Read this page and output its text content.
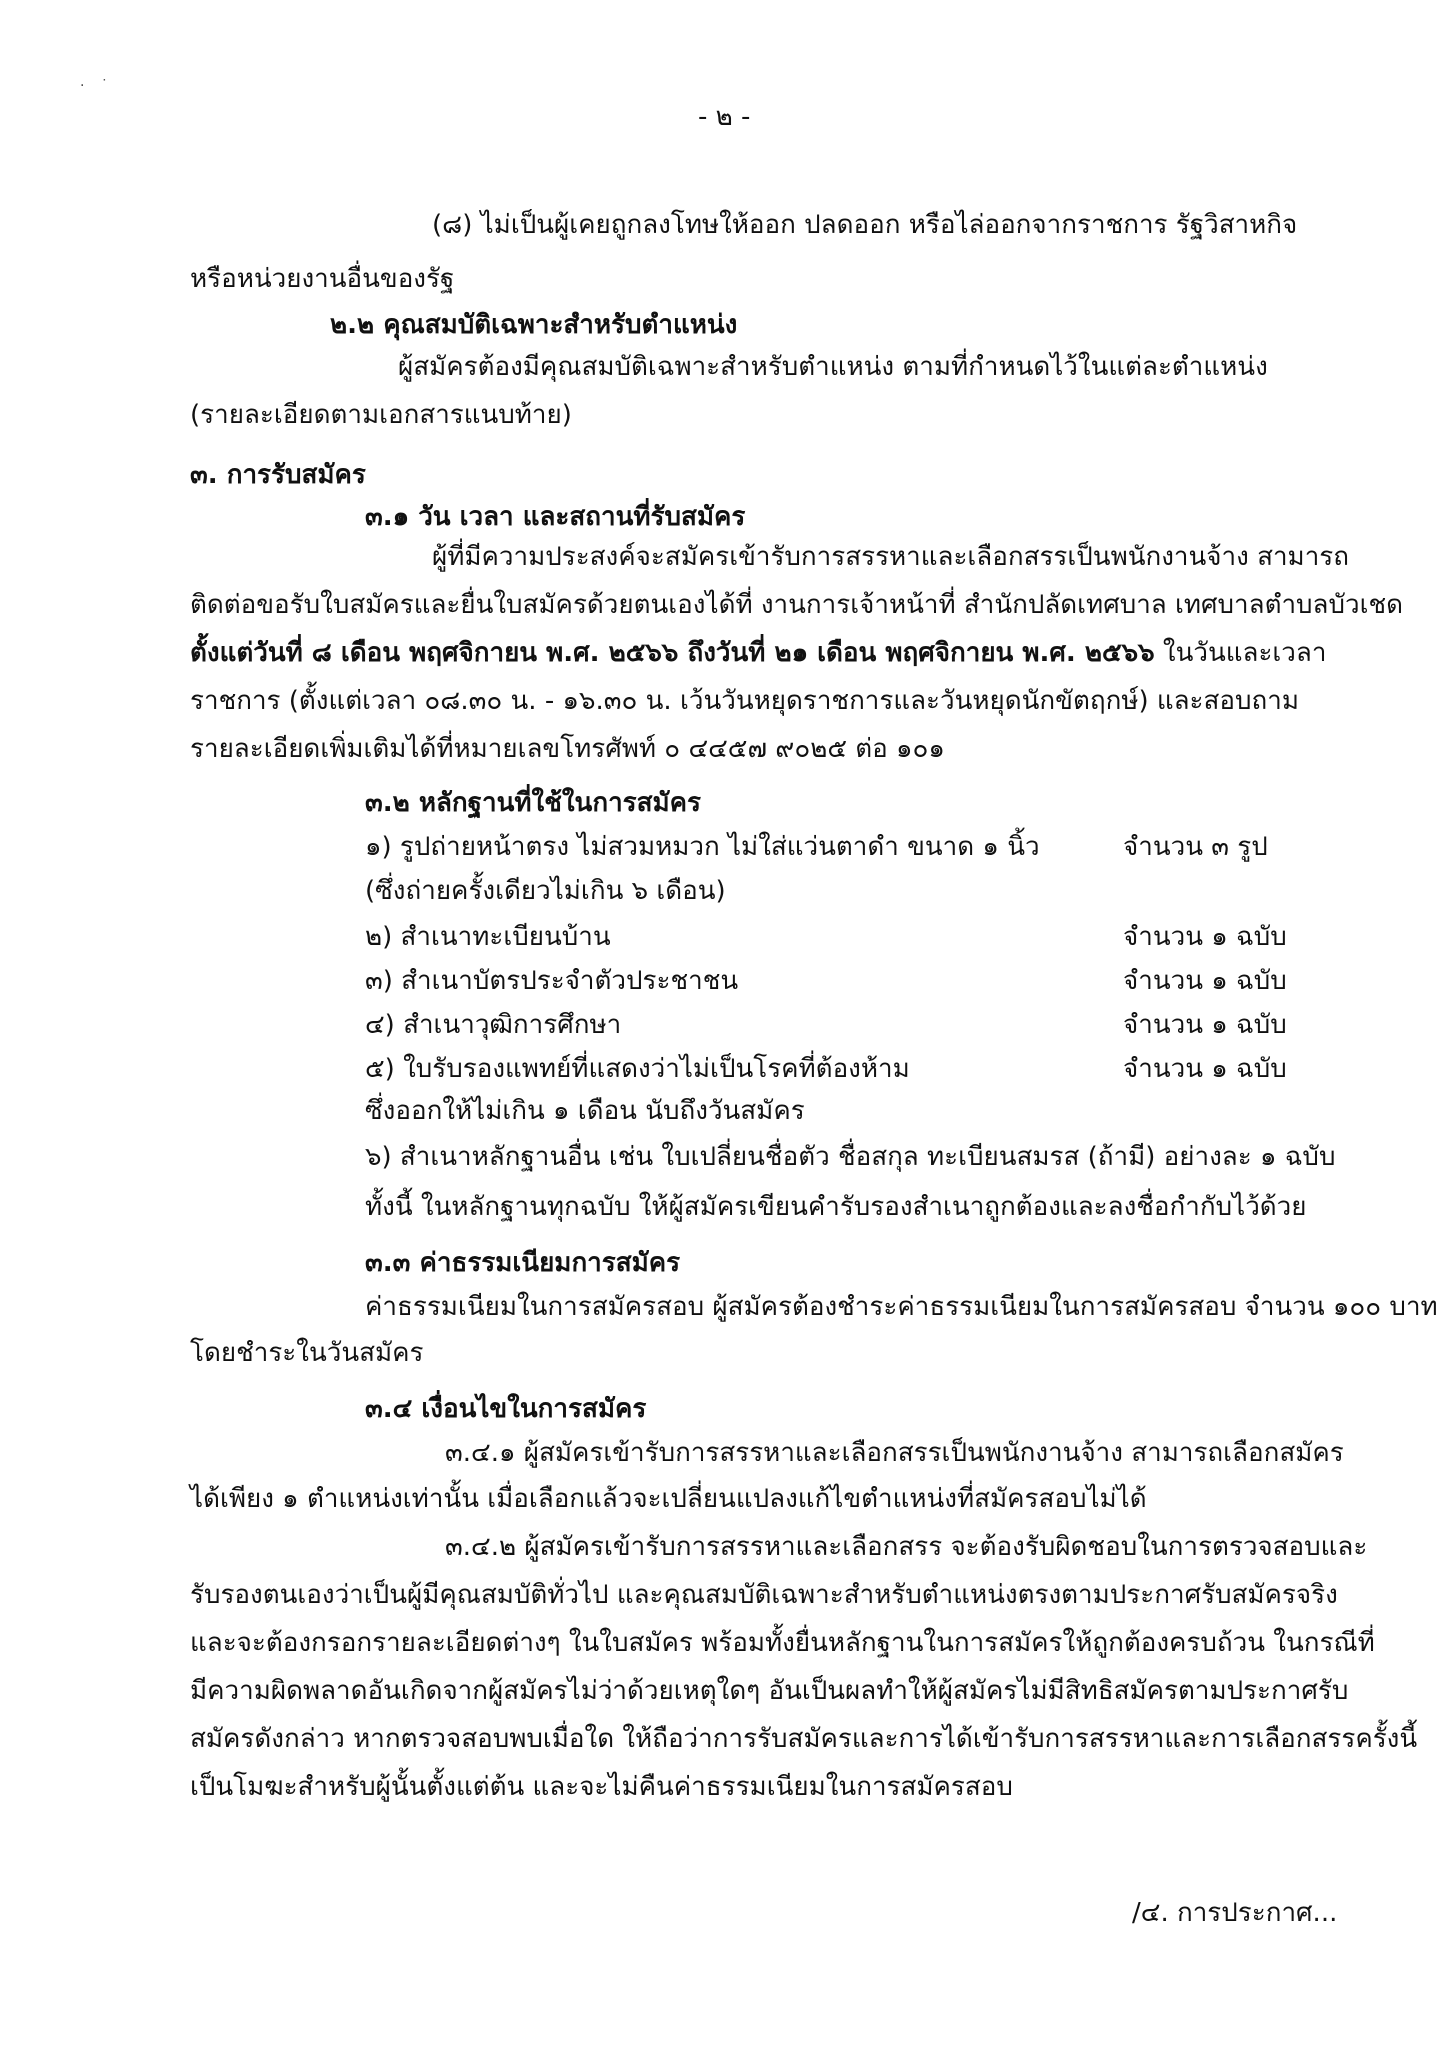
· ˙
- ๒ -
(๘) ไม่เป็นผู้เคยถูกลงโทษให้ออก ปลดออก หรือไล่ออกจากราชการ รัฐวิสาหกิจ
หรือหน่วยงานอื่นของรัฐ
๒.๒ คุณสมบัติเฉพาะสำหรับตำแหน่ง
ผู้สมัครต้องมีคุณสมบัติเฉพาะสำหรับตำแหน่ง ตามที่กำหนดไว้ในแต่ละตำแหน่ง
(รายละเอียดตามเอกสารแนบท้าย)
๓. การรับสมัคร
๓.๑ วัน เวลา และสถานที่รับสมัคร
ผู้ที่มีความประสงค์จะสมัครเข้ารับการสรรหาและเลือกสรรเป็นพนักงานจ้าง สามารถ
ติดต่อขอรับใบสมัครและยื่นใบสมัครด้วยตนเองได้ที่ งานการเจ้าหน้าที่ สำนักปลัดเทศบาล เทศบาลตำบลบัวเชด
ตั้งแต่วันที่ ๘ เดือน พฤศจิกายน พ.ศ. ๒๕๖๖ ถึงวันที่ ๒๑ เดือน พฤศจิกายน พ.ศ. ๒๕๖๖ ในวันและเวลา
ราชการ (ตั้งแต่เวลา ๐๘.๓๐ น. - ๑๖.๓๐ น. เว้นวันหยุดราชการและวันหยุดนักขัตฤกษ์) และสอบถาม
รายละเอียดเพิ่มเติมได้ที่หมายเลขโทรศัพท์ ๐ ๔๔๕๗ ๙๐๒๕ ต่อ ๑๐๑
๓.๒ หลักฐานที่ใช้ในการสมัคร
๑) รูปถ่ายหน้าตรง ไม่สวมหมวก ไม่ใส่แว่นตาดำ ขนาด ๑ นิ้ว	จำนวน ๓ รูป
(ซึ่งถ่ายครั้งเดียวไม่เกิน ๖ เดือน)
๒) สำเนาทะเบียนบ้าน	จำนวน ๑ ฉบับ
๓) สำเนาบัตรประจำตัวประชาชน	จำนวน ๑ ฉบับ
๔) สำเนาวุฒิการศึกษา	จำนวน ๑ ฉบับ
๕) ใบรับรองแพทย์ที่แสดงว่าไม่เป็นโรคที่ต้องห้าม	จำนวน ๑ ฉบับ
ซึ่งออกให้ไม่เกิน ๑ เดือน นับถึงวันสมัคร
๖) สำเนาหลักฐานอื่น เช่น ใบเปลี่ยนชื่อตัว ชื่อสกุล ทะเบียนสมรส (ถ้ามี) อย่างละ ๑ ฉบับ
ทั้งนี้ ในหลักฐานทุกฉบับ ให้ผู้สมัครเขียนคำรับรองสำเนาถูกต้องและลงชื่อกำกับไว้ด้วย
๓.๓ ค่าธรรมเนียมการสมัคร
ค่าธรรมเนียมในการสมัครสอบ ผู้สมัครต้องชำระค่าธรรมเนียมในการสมัครสอบ จำนวน ๑๐๐ บาท
โดยชำระในวันสมัคร
๓.๔ เงื่อนไขในการสมัคร
๓.๔.๑ ผู้สมัครเข้ารับการสรรหาและเลือกสรรเป็นพนักงานจ้าง สามารถเลือกสมัคร
ได้เพียง ๑ ตำแหน่งเท่านั้น เมื่อเลือกแล้วจะเปลี่ยนแปลงแก้ไขตำแหน่งที่สมัครสอบไม่ได้
๓.๔.๒ ผู้สมัครเข้ารับการสรรหาและเลือกสรร จะต้องรับผิดชอบในการตรวจสอบและ
รับรองตนเองว่าเป็นผู้มีคุณสมบัติทั่วไป และคุณสมบัติเฉพาะสำหรับตำแหน่งตรงตามประกาศรับสมัครจริง
และจะต้องกรอกรายละเอียดต่างๆ ในใบสมัคร พร้อมทั้งยื่นหลักฐานในการสมัครให้ถูกต้องครบถ้วน ในกรณีที่
มีความผิดพลาดอันเกิดจากผู้สมัครไม่ว่าด้วยเหตุใดๆ อันเป็นผลทำให้ผู้สมัครไม่มีสิทธิสมัครตามประกาศรับ
สมัครดังกล่าว หากตรวจสอบพบเมื่อใด ให้ถือว่าการรับสมัครและการได้เข้ารับการสรรหาและการเลือกสรรครั้งนี้
เป็นโมฆะสำหรับผู้นั้นตั้งแต่ต้น และจะไม่คืนค่าธรรมเนียมในการสมัครสอบ
/๔. การประกาศ...
